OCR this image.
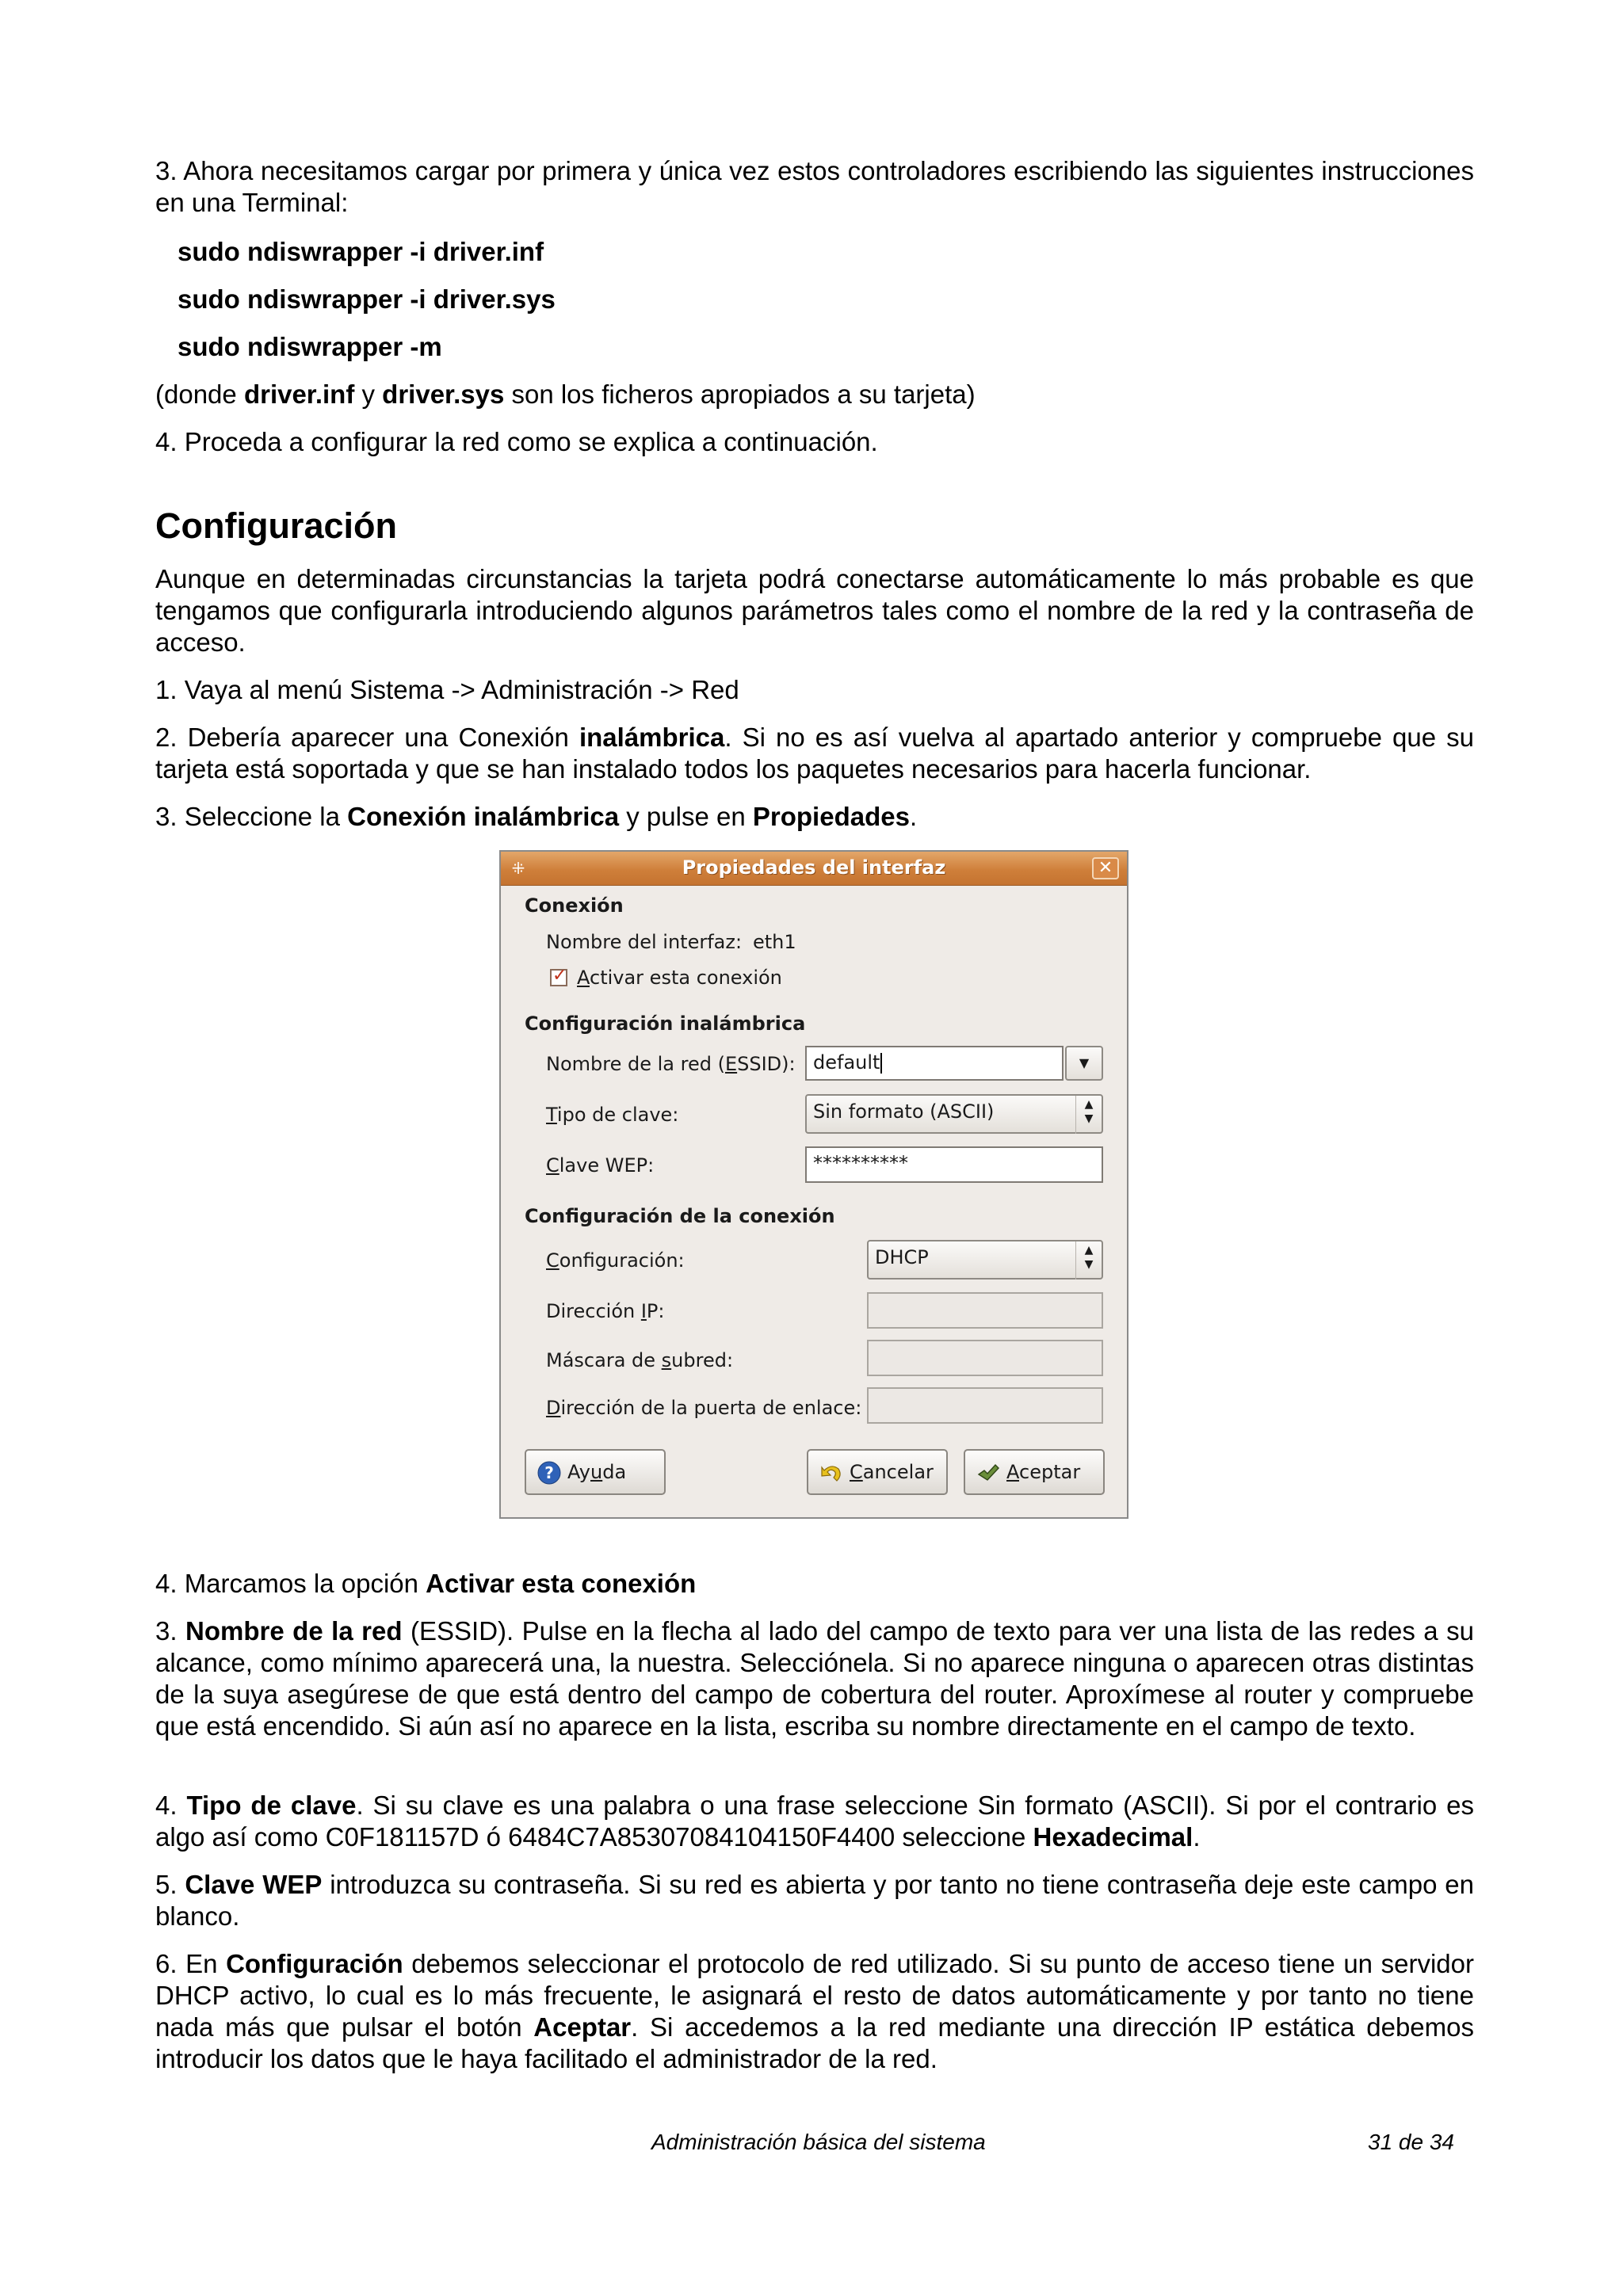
3. Ahora necesitamos cargar por primera y única vez estos controladores escribiendo las siguientes instrucciones en una Terminal:

sudo ndiswrapper -i driver.inf

sudo ndiswrapper -i driver.sys

sudo ndiswrapper -m

(donde driver.inf y driver.sys son los ficheros apropiados a su tarjeta)

4. Proceda a configurar la red como se explica a continuación.

Configuración

Aunque en determinadas circunstancias la tarjeta podrá conectarse automáticamente lo más probable es que tengamos que configurarla introduciendo algunos parámetros tales como el nombre de la red y la contraseña de acceso.

1. Vaya al menú Sistema -> Administración -> Red

2. Debería aparecer una Conexión inalámbrica. Si no es así vuelva al apartado anterior y compruebe que su tarjeta está soportada y que se han instalado todos los paquetes necesarios para hacerla funcionar.

3. Seleccione la Conexión inalámbrica y pulse en Propiedades.

⁜	Propiedades del interfaz	✕
Conexión
Nombre del interfaz: eth1
✓
Activar esta conexión
Configuración inalámbrica
Nombre de la red (ESSID): default	▼
Tipo de clave:	Sin formato (ASCII)	▲
▼
Clave WEP:	**********
Configuración de la conexión
Configuración:	DHCP	▲
▼
Dirección IP:
Máscara de subred:
Dirección de la puerta de enlace:
? Ayuda	Cancelar	Aceptar

4. Marcamos la opción Activar esta conexión

3. Nombre de la red (ESSID). Pulse en la flecha al lado del campo de texto para ver una lista de las redes a su alcance, como mínimo aparecerá una, la nuestra. Selecciónela. Si no aparece ninguna o aparecen otras distintas de la suya asegúrese de que está dentro del campo de cobertura del router. Aproxímese al router y compruebe que está encendido. Si aún así no aparece en la lista, escriba su nombre directamente en el campo de texto.

4. Tipo de clave. Si su clave es una palabra o una frase seleccione Sin formato (ASCII). Si por el contrario es algo así como C0F181157D ó 6484C7A85307084104150F4400 seleccione Hexadecimal.

5. Clave WEP introduzca su contraseña. Si su red es abierta y por tanto no tiene contraseña deje este campo en blanco.

6. En Configuración debemos seleccionar el protocolo de red utilizado. Si su punto de acceso tiene un servidor DHCP activo, lo cual es lo más frecuente, le asignará el resto de datos automáticamente y por tanto no tiene nada más que pulsar el botón Aceptar. Si accedemos a la red mediante una dirección IP estática debemos introducir los datos que le haya facilitado el administrador de la red.

Administración básica del sistema	31 de 34
